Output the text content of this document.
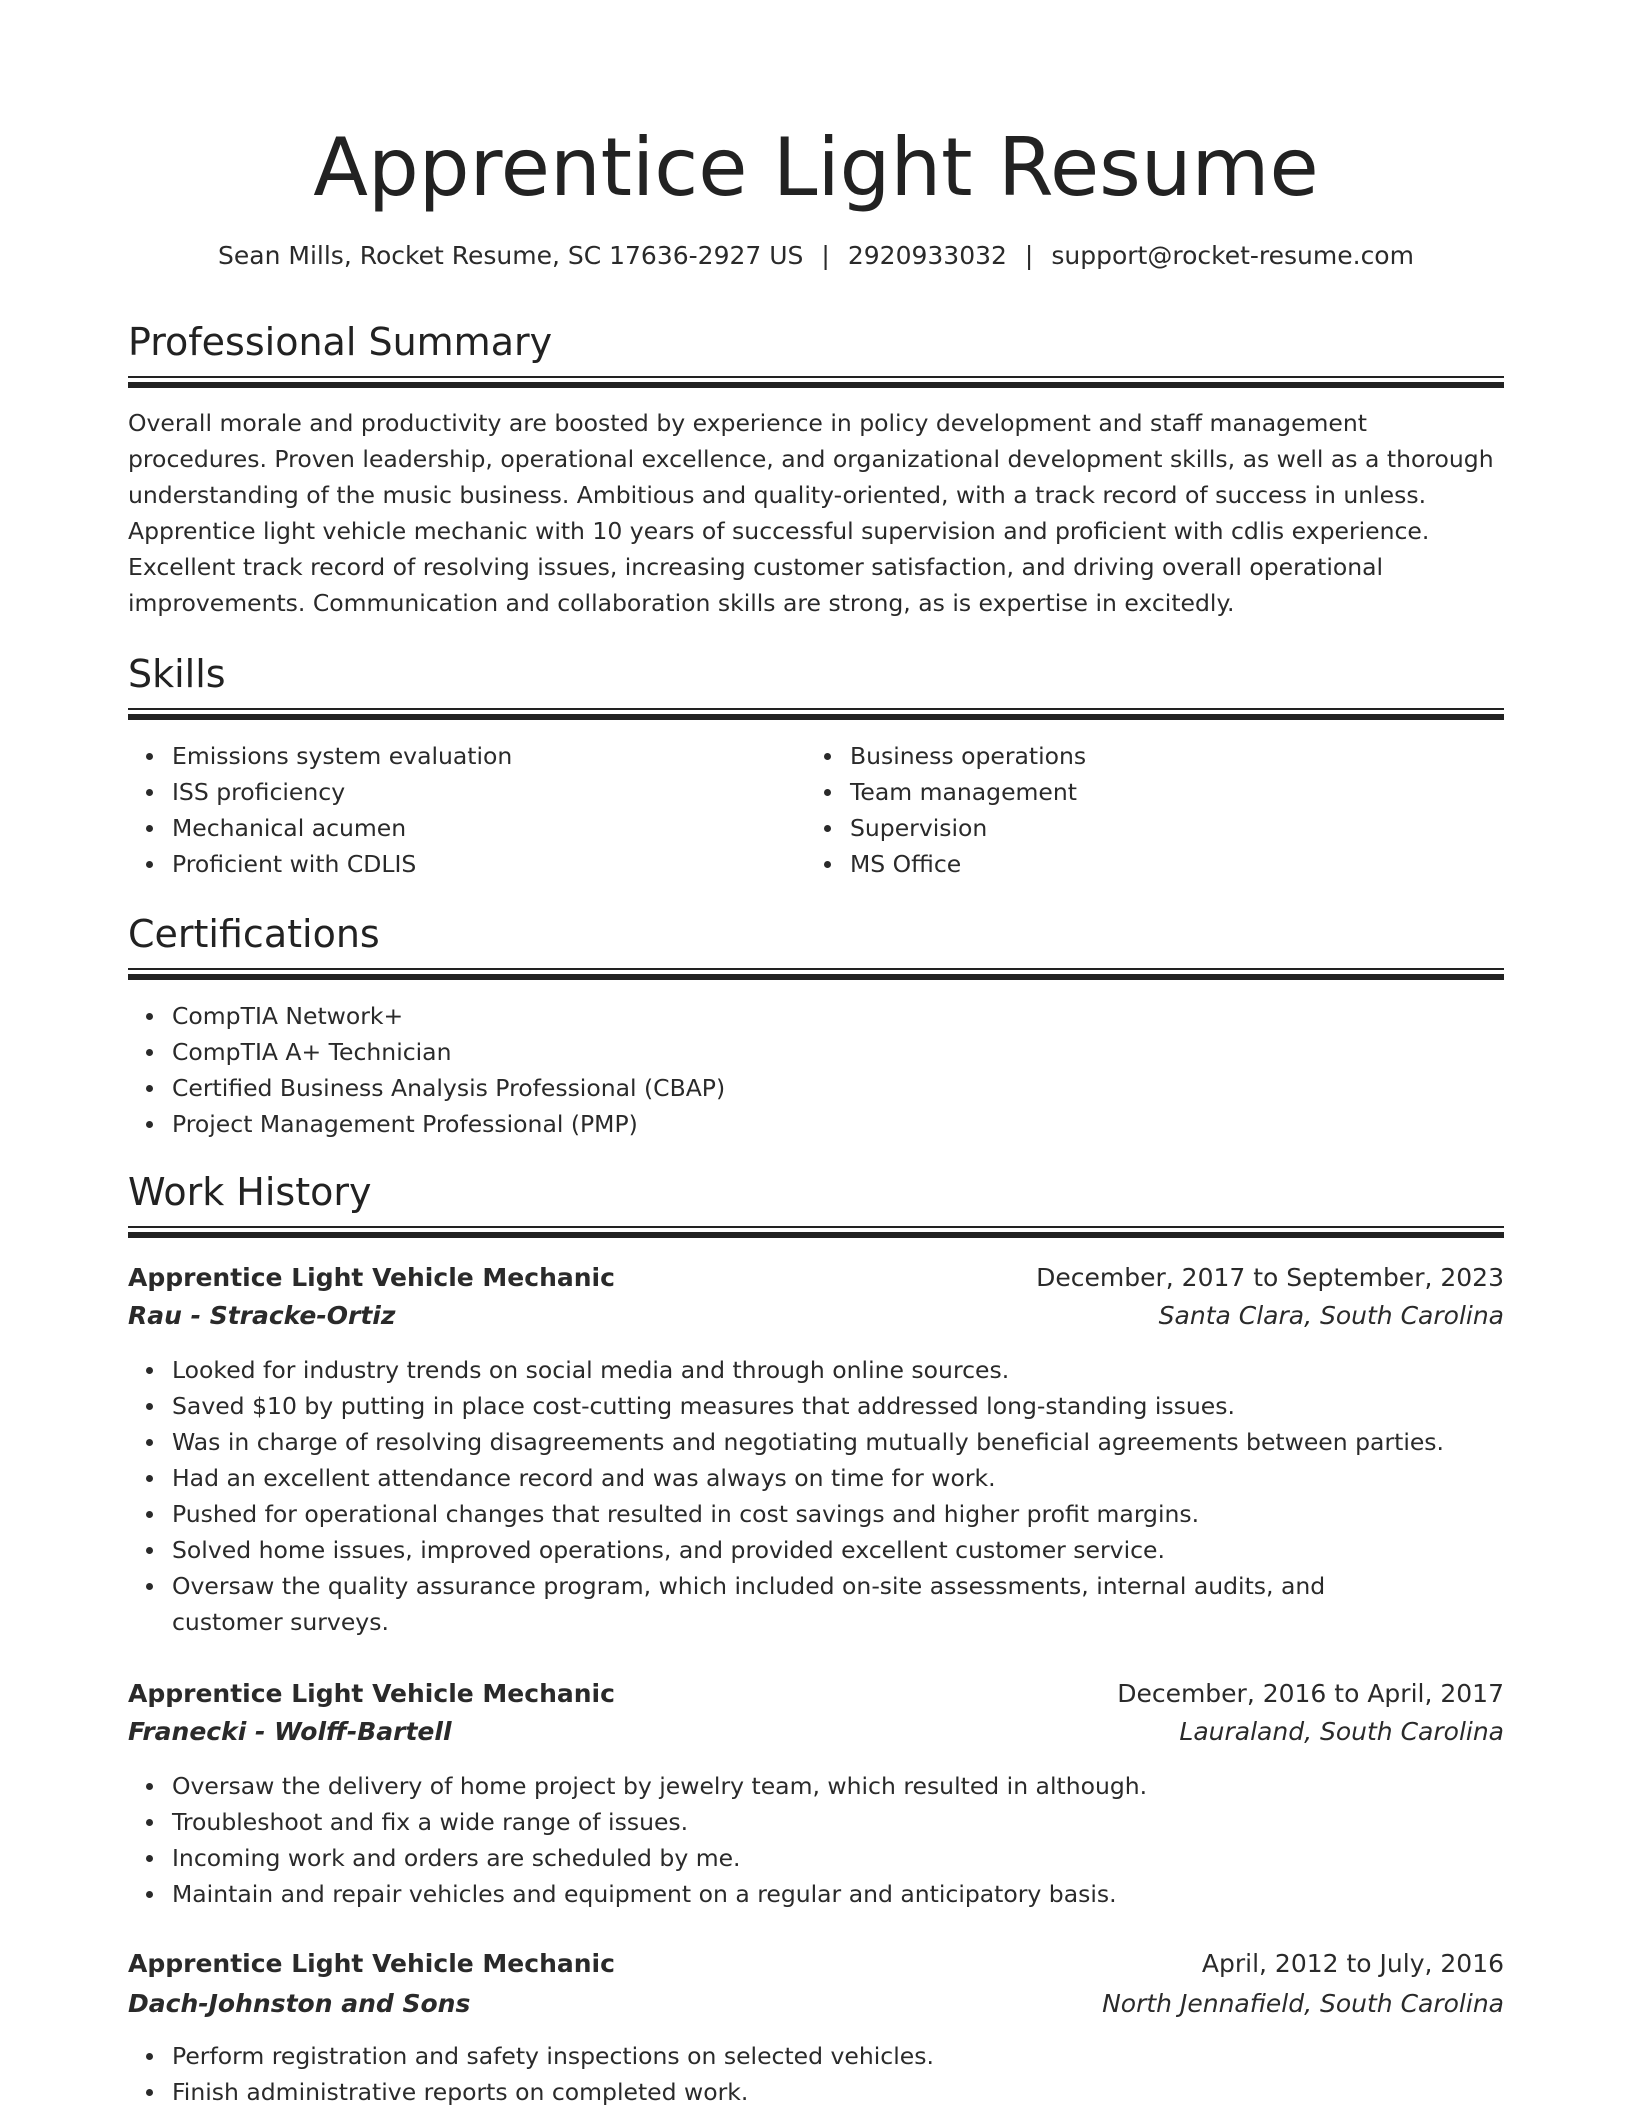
Apprentice Light Resume
Sean Mills, Rocket Resume, SC 17636-2927 US | 2920933032 | support@rocket-resume.com
Professional Summary

Overall morale and productivity are boosted by experience in policy development and staff management procedures. Proven leadership, operational excellence, and organizational development skills, as well as a thorough understanding of the music business. Ambitious and quality-oriented, with a track record of success in unless. Apprentice light vehicle mechanic with 10 years of successful supervision and proficient with cdlis experience. Excellent track record of resolving issues, increasing customer satisfaction, and driving overall operational improvements. Communication and collaboration skills are strong, as is expertise in excitedly.

Skills
Emissions system evaluation
ISS proficiency
Mechanical acumen
Proficient with CDLIS
Business operations
Team management
Supervision
MS Office
Certifications
CompTIA Network+
CompTIA A+ Technician
Certified Business Analysis Professional (CBAP)
Project Management Professional (PMP)
Work History
Apprentice Light Vehicle Mechanic	December, 2017 to September, 2023
Rau - Stracke-Ortiz	Santa Clara, South Carolina
Looked for industry trends on social media and through online sources.
Saved $10 by putting in place cost-cutting measures that addressed long-standing issues.
Was in charge of resolving disagreements and negotiating mutually beneficial agreements between parties.
Had an excellent attendance record and was always on time for work.
Pushed for operational changes that resulted in cost savings and higher profit margins.
Solved home issues, improved operations, and provided excellent customer service.
Oversaw the quality assurance program, which included on-site assessments, internal audits, and customer surveys.
Apprentice Light Vehicle Mechanic	December, 2016 to April, 2017
Franecki - Wolff-Bartell	Lauraland, South Carolina
Oversaw the delivery of home project by jewelry team, which resulted in although.
Troubleshoot and fix a wide range of issues.
Incoming work and orders are scheduled by me.
Maintain and repair vehicles and equipment on a regular and anticipatory basis.
Apprentice Light Vehicle Mechanic	April, 2012 to July, 2016
Dach-Johnston and Sons	North Jennafield, South Carolina
Perform registration and safety inspections on selected vehicles.
Finish administrative reports on completed work.
